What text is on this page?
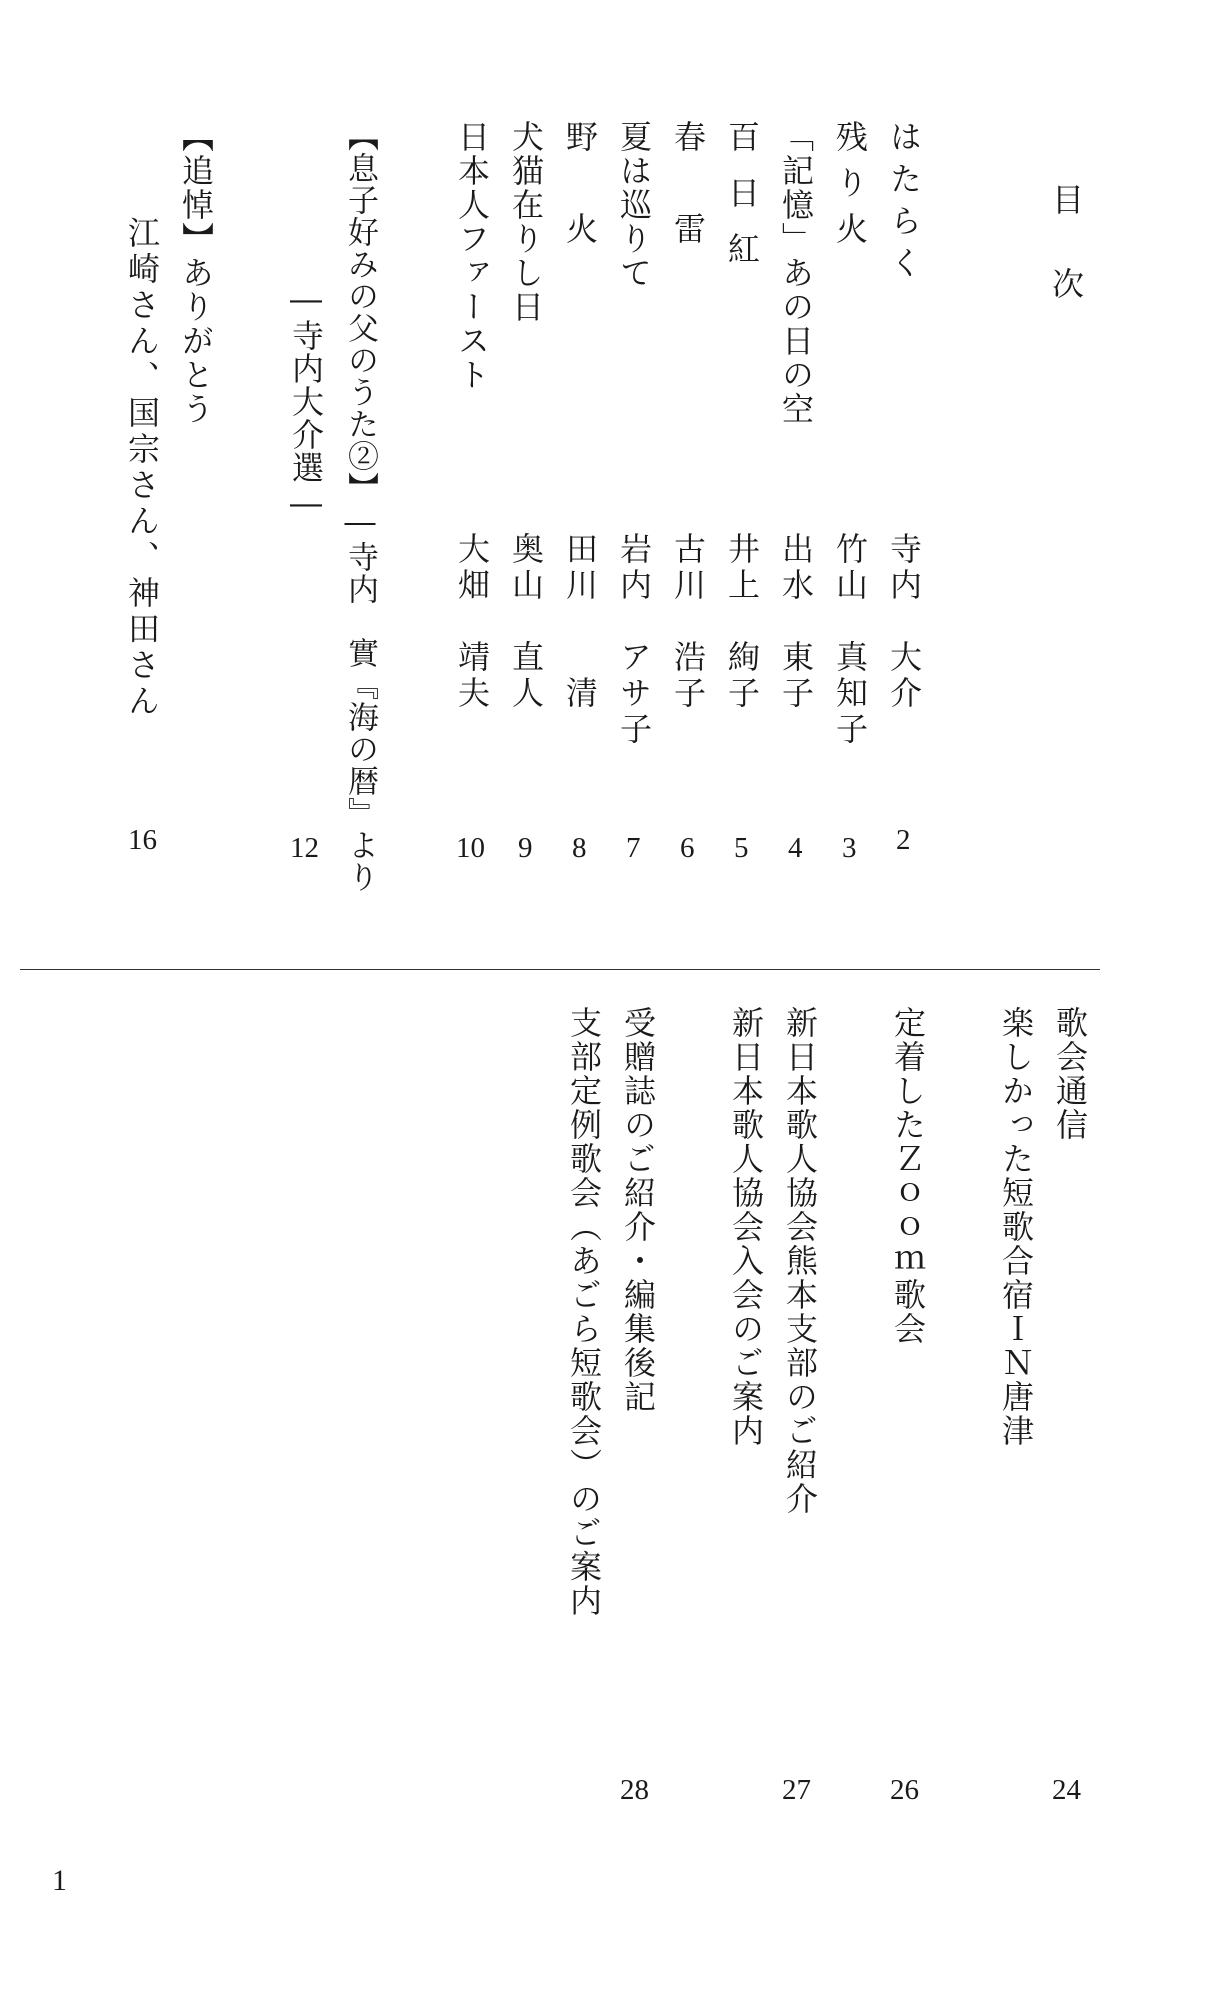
目　次
はたらく
残り火
「記憶」あの日の空
百日紅
春　雷
夏は巡りて
野　火
犬猫在りし日
日本人ファースト
寺内　大介
竹山　真知子
出水　東子
井上　絢子
古川　浩子
岩内　アサ子
田川　　清
奥山　直人
大畑　靖夫
2
3
4
5
6
7
8
9
10
【息子好みの父のうた②】―寺内　實『海の暦』より
―寺内大介選―
12
【追悼】ありがとう
江崎さん、国宗さん、神田さん
16
歌会通信
楽しかった短歌合宿ＩＮ唐津
定着したＺｏｏｍ歌会
新日本歌人協会熊本支部のご紹介
新日本歌人協会入会のご案内
受贈誌のご紹介・編集後記
支部定例歌会（あごら短歌会）のご案内
24
26
27
28
1
